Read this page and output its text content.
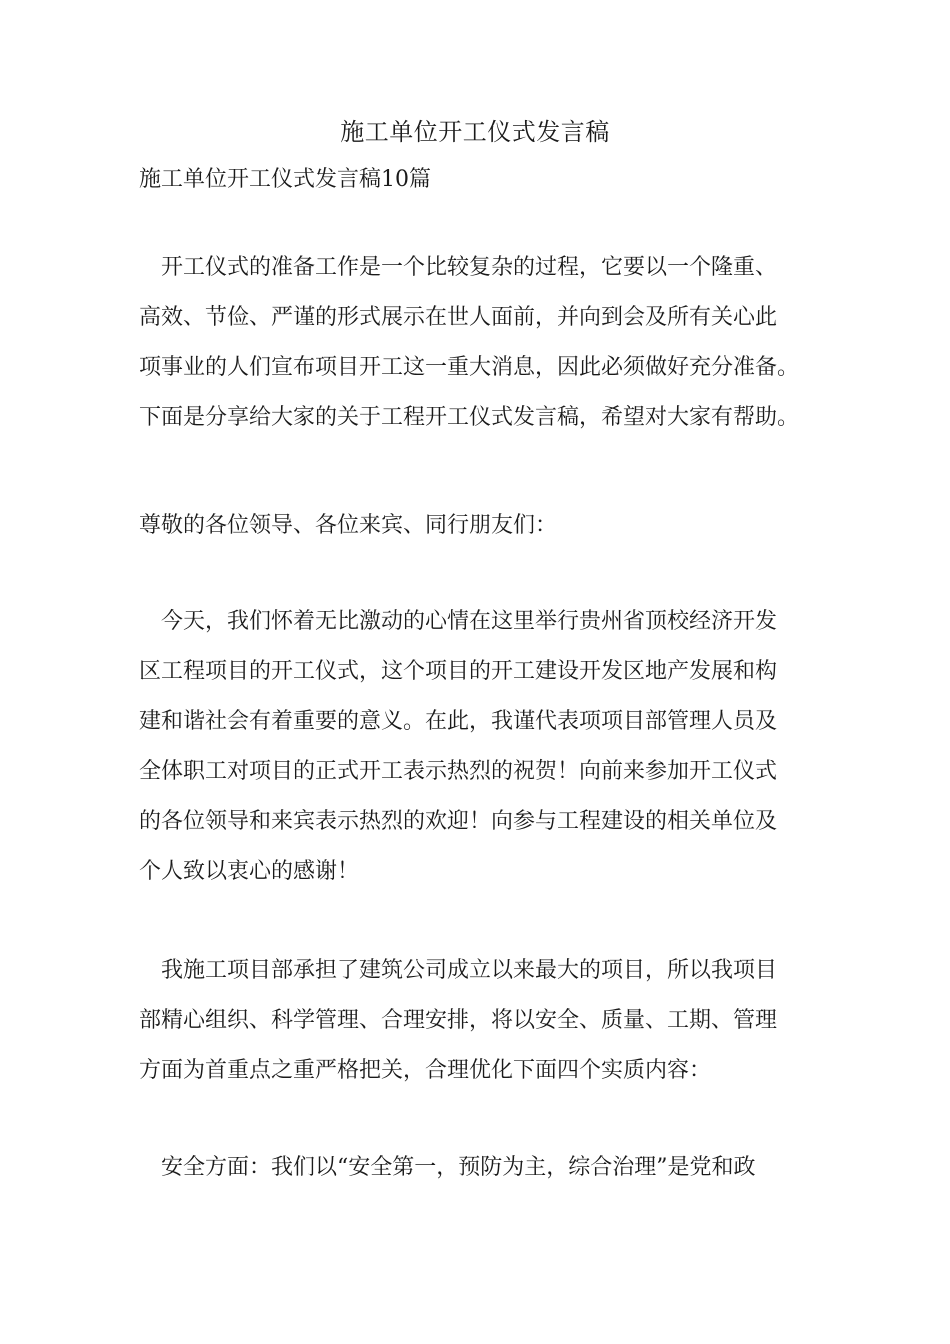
施工单位开工仪式发言稿
施工单位开工仪式发言稿10篇
开工仪式的准备工作是一个比较复杂的过程，它要以一个隆重、
高效、节俭、严谨的形式展示在世人面前，并向到会及所有关心此
项事业的人们宣布项目开工这一重大消息，因此必须做好充分准备。
下面是分享给大家的关于工程开工仪式发言稿，希望对大家有帮助。
尊敬的各位领导、各位来宾、同行朋友们：
今天，我们怀着无比激动的心情在这里举行贵州省顶校经济开发
区工程项目的开工仪式，这个项目的开工建设开发区地产发展和构
建和谐社会有着重要的意义。在此，我谨代表项项目部管理人员及
全体职工对项目的正式开工表示热烈的祝贺！向前来参加开工仪式
的各位领导和来宾表示热烈的欢迎！向参与工程建设的相关单位及
个人致以衷心的感谢！
我施工项目部承担了建筑公司成立以来最大的项目，所以我项目
部精心组织、科学管理、合理安排，将以安全、质量、工期、管理
方面为首重点之重严格把关，合理优化下面四个实质内容：
安全方面：我们以“安全第一，预防为主，综合治理”是党和政
